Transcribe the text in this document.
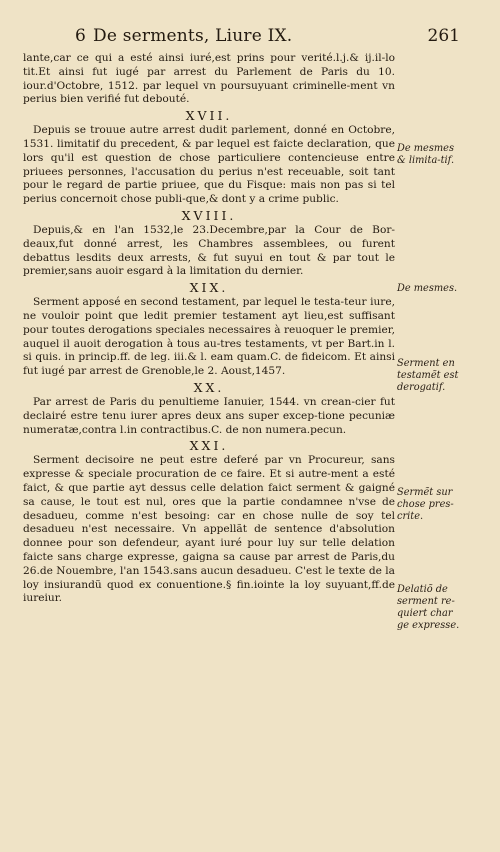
6 De serments, Liure IX.	261

lante,car ce qui a esté ainsi iuré,est prins pour verité.l.j.& ij.il-lo tit.Et ainsi fut iugé par arrest du Parlement de Paris du 10. iour.d'Octobre, 1512. par lequel vn poursuyuant criminelle-ment vn perius bien verifié fut debouté.

XVII.

Depuis se trouue autre arrest dudit parlement, donné en Octobre, 1531. limitatif du precedent, & par lequel est faicte declaration, que lors qu'il est question de chose particuliere contencieuse entre priuees personnes, l'accusation du perius n'est receuable, soit tant pour le regard de partie priuee, que du Fisque: mais non pas si tel perius concernoit chose publi-que,& dont y a crime public.

XVIII.

Depuis,& en l'an 1532,le 23.Decembre,par la Cour de Bor-deaux,fut donné arrest, les Chambres assemblees, ou furent debattus lesdits deux arrests, & fut suyui en tout & par tout le premier,sans auoir esgard à la limitation du dernier.

XIX.

Serment apposé en second testament, par lequel le testa-teur iure, ne vouloir point que ledit premier testament ayt lieu,est suffisant pour toutes derogations speciales necessaires à reuoquer le premier, auquel il auoit derogation à tous au-tres testaments, vt per Bart.in l. si quis. in princip.ff. de leg. iii.& l. eam quam.C. de fideicom. Et ainsi fut iugé par arrest de Grenoble,le 2. Aoust,1457.

XX.

Par arrest de Paris du penultieme Ianuier, 1544. vn crean-cier fut declairé estre tenu iurer apres deux ans super excep-tione pecuniæ numeratæ,contra l.in contractibus.C. de non numera.pecun.

XXI.

Serment decisoire ne peut estre deferé par vn Procureur, sans expresse & speciale procuration de ce faire. Et si autre-ment a esté faict, & que partie ayt dessus celle delation faict serment & gaigné sa cause, le tout est nul, ores que la partie condamnee n'vse de desadueu, comme n'est besoing: car en chose nulle de soy tel desadueu n'est necessaire. Vn appellãt de sentence d'absolution donnee pour son defendeur, ayant iuré pour luy sur telle delation faicte sans charge expresse, gaigna sa cause par arrest de Paris,du 26.de Nouembre, l'an 1543.sans aucun desadueu. C'est le texte de la loy insiurandũ quod ex conuentione.§ fin.iointe la loy suyuant,ff.de iureiur.

De mesmes & limita-tif.
De mesmes.
Serment en testamẽt est derogatif.
Sermẽt sur chose pres-crite.
Delatiõ de serment re-quiert char ge expresse.
